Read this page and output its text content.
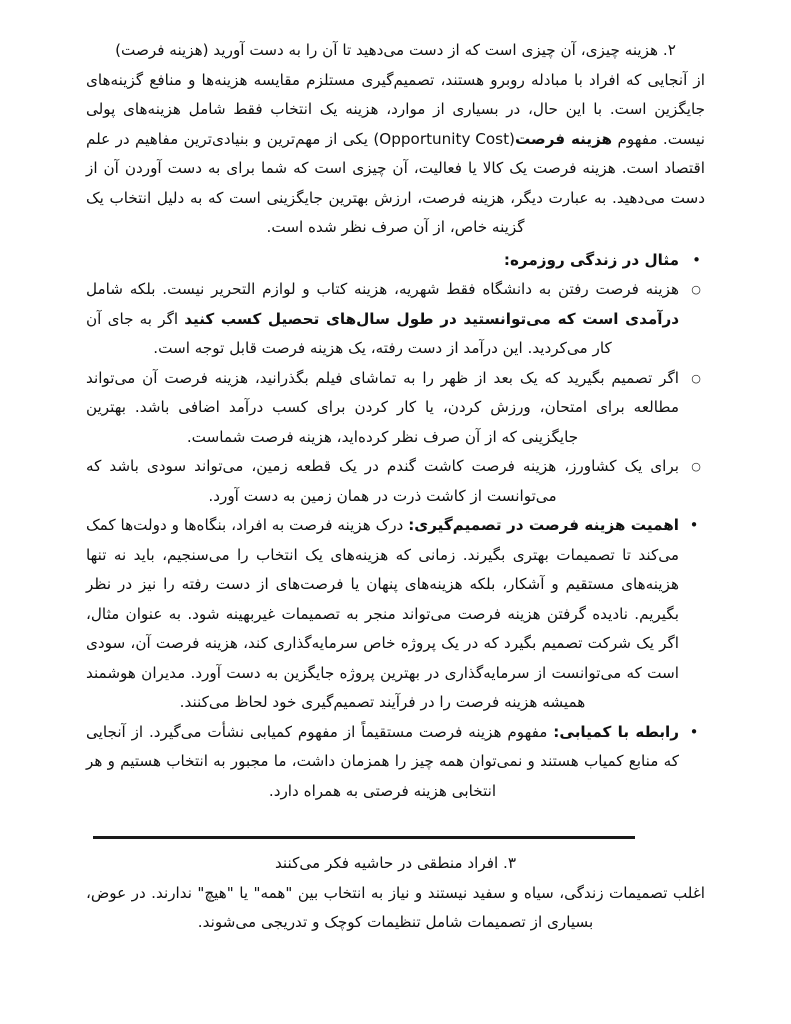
۲. هزینه چیزی، آن چیزی است که از دست می‌دهید تا آن را به دست آورید (هزینه فرصت)

از آنجایی که افراد با مبادله روبرو هستند، تصمیم‌گیری مستلزم مقایسه هزینه‌ها و منافع گزینه‌های جایگزین است. با این حال، در بسیاری از موارد، هزینه یک انتخاب فقط شامل هزینه‌های پولی نیست. مفهوم هزینه فرصت(Opportunity Cost) یکی از مهم‌ترین و بنیادی‌ترین مفاهیم در علم اقتصاد است. هزینه فرصت یک کالا یا فعالیت، آن چیزی است که شما برای به دست آوردن آن از دست می‌دهید. به عبارت دیگر، هزینه فرصت، ارزش بهترین جایگزینی است که به دلیل انتخاب یک گزینه خاص، از آن صرف نظر شده است.

•
مثال در زندگی روزمره:
○
هزینه فرصت رفتن به دانشگاه فقط شهریه، هزینه کتاب و لوازم التحریر نیست. بلکه شامل درآمدی است که می‌توانستید در طول سال‌های تحصیل کسب کنید اگر به جای آن کار می‌کردید. این درآمد از دست رفته، یک هزینه فرصت قابل توجه است.
○
اگر تصمیم بگیرید که یک بعد از ظهر را به تماشای فیلم بگذرانید، هزینه فرصت آن می‌تواند مطالعه برای امتحان، ورزش کردن، یا کار کردن برای کسب درآمد اضافی باشد. بهترین جایگزینی که از آن صرف نظر کرده‌اید، هزینه فرصت شماست.
○
برای یک کشاورز، هزینه فرصت کاشت گندم در یک قطعه زمین، می‌تواند سودی باشد که می‌توانست از کاشت ذرت در همان زمین به دست آورد.
•
اهمیت هزینه فرصت در تصمیم‌گیری: درک هزینه فرصت به افراد، بنگاه‌ها و دولت‌ها کمک می‌کند تا تصمیمات بهتری بگیرند. زمانی که هزینه‌های یک انتخاب را می‌سنجیم، باید نه تنها هزینه‌های مستقیم و آشکار، بلکه هزینه‌های پنهان یا فرصت‌های از دست رفته را نیز در نظر بگیریم. نادیده گرفتن هزینه فرصت می‌تواند منجر به تصمیمات غیربهینه شود. به عنوان مثال، اگر یک شرکت تصمیم بگیرد که در یک پروژه خاص سرمایه‌گذاری کند، هزینه فرصت آن، سودی است که می‌توانست از سرمایه‌گذاری در بهترین پروژه جایگزین به دست آورد. مدیران هوشمند همیشه هزینه فرصت را در فرآیند تصمیم‌گیری خود لحاظ می‌کنند.
•
رابطه با کمیابی: مفهوم هزینه فرصت مستقیماً از مفهوم کمیابی نشأت می‌گیرد. از آنجایی که منابع کمیاب هستند و نمی‌توان همه چیز را همزمان داشت، ما مجبور به انتخاب هستیم و هر انتخابی هزینه فرصتی به همراه دارد.

۳. افراد منطقی در حاشیه فکر می‌کنند

اغلب تصمیمات زندگی، سیاه و سفید نیستند و نیاز به انتخاب بین "همه" یا "هیچ" ندارند. در عوض، بسیاری از تصمیمات شامل تنظیمات کوچک و تدریجی می‌شوند.
